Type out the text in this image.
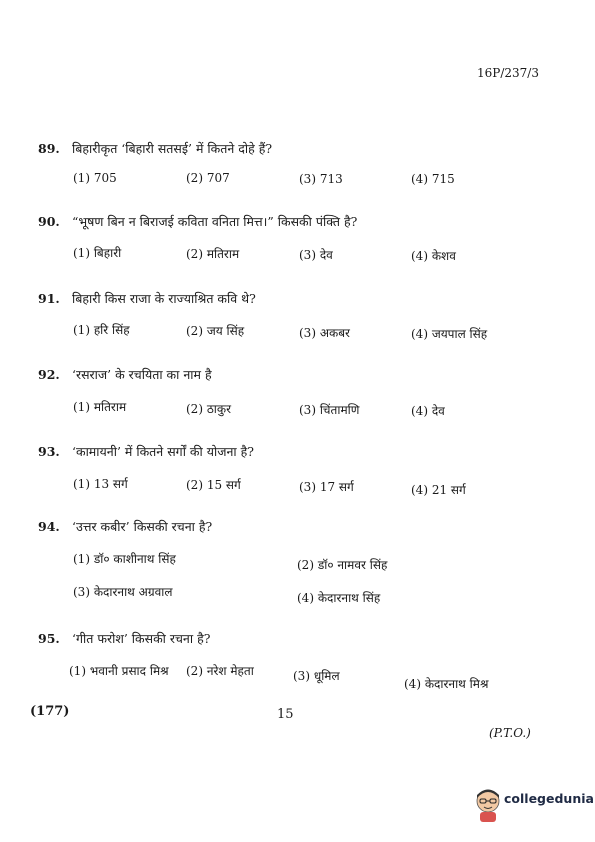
16P/237/3
89. बिहारीकृत ‘बिहारी सतसई’ में कितने दोहे हैं?
(1) 705	(2) 707	(3) 713	(4) 715
90. “भूषण बिन न बिराजई कविता वनिता मित्त।” किसकी पंक्ति है?
(1) बिहारी	(2) मतिराम	(3) देव	(4) केशव
91. बिहारी किस राजा के राज्याश्रित कवि थे?
(1) हरि सिंह	(2) जय सिंह	(3) अकबर	(4) जयपाल सिंह
92. ‘रसराज’ के रचयिता का नाम है
(1) मतिराम	(2) ठाकुर	(3) चिंतामणि	(4) देव
93. ‘कामायनी’ में कितने सर्गों की योजना है?
(1) 13 सर्ग	(2) 15 सर्ग	(3) 17 सर्ग	(4) 21 सर्ग
94. ‘उत्तर कबीर’ किसकी रचना है?
(1) डॉ० काशीनाथ सिंह	(2) डॉ० नामवर सिंह
(3) केदारनाथ अग्रवाल	(4) केदारनाथ सिंह
95. ‘गीत फरोश’ किसकी रचना है?
(1) भवानी प्रसाद मिश्र (2) नरेश मेहता	(3) धूमिल
(4) केदारनाथ मिश्र
(177)	15
(P.T.O.)
collegedunia
